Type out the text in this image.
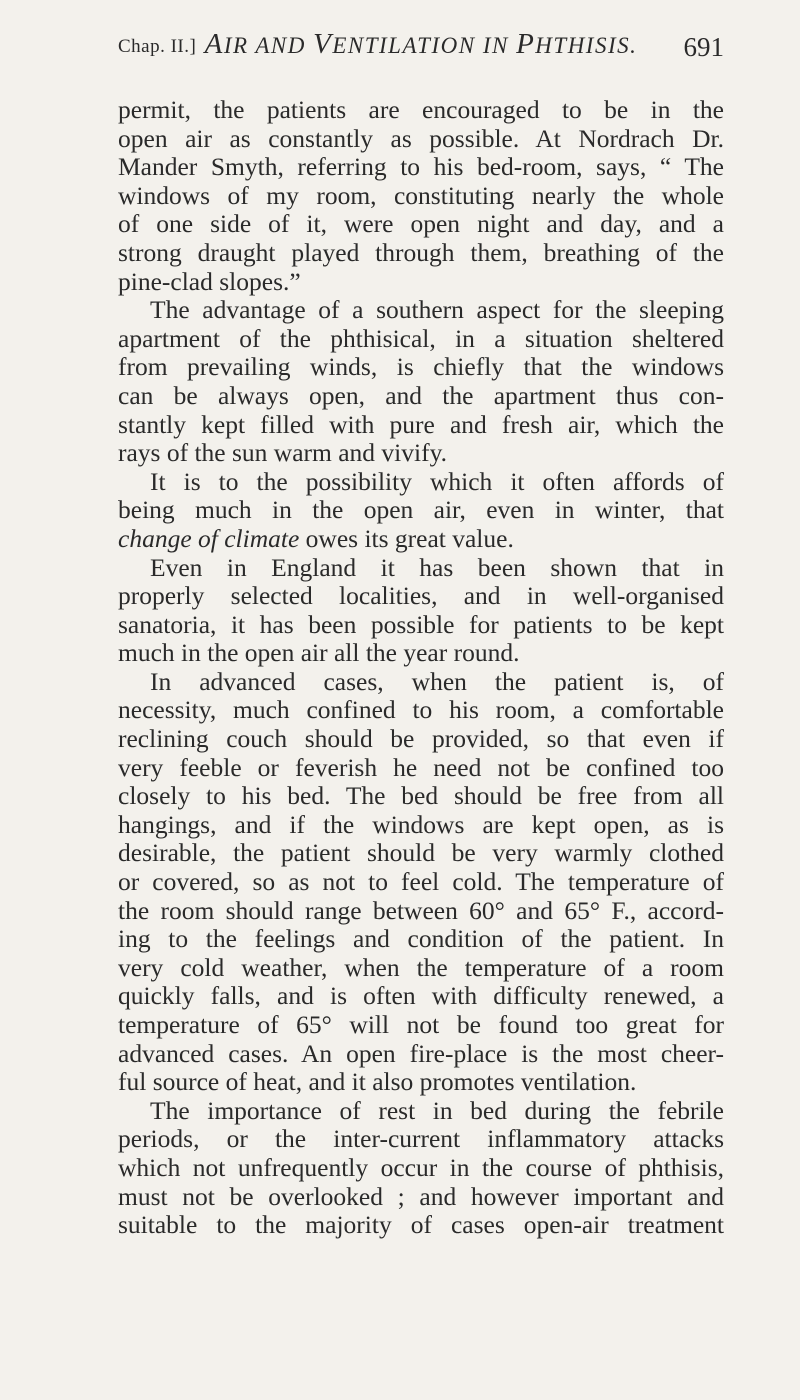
Chap. II.] AIR AND VENTILATION IN PHTHISIS.	691
permit, the patients are encouraged to be in the
open air as constantly as possible. At Nordrach Dr.
Mander Smyth, referring to his bed-room, says, “ The
windows of my room, constituting nearly the whole
of one side of it, were open night and day, and a
strong draught played through them, breathing of the
pine-clad slopes.”
The advantage of a southern aspect for the sleeping
apartment of the phthisical, in a situation sheltered
from prevailing winds, is chiefly that the windows
can be always open, and the apartment thus con-
stantly kept filled with pure and fresh air, which the
rays of the sun warm and vivify.
It is to the possibility which it often affords of
being much in the open air, even in winter, that
change of climate owes its great value.
Even in England it has been shown that in
properly selected localities, and in well-organised
sanatoria, it has been possible for patients to be kept
much in the open air all the year round.
In advanced cases, when the patient is, of
necessity, much confined to his room, a comfortable
reclining couch should be provided, so that even if
very feeble or feverish he need not be confined too
closely to his bed. The bed should be free from all
hangings, and if the windows are kept open, as is
desirable, the patient should be very warmly clothed
or covered, so as not to feel cold. The temperature of
the room should range between 60° and 65° F., accord-
ing to the feelings and condition of the patient. In
very cold weather, when the temperature of a room
quickly falls, and is often with difficulty renewed, a
temperature of 65° will not be found too great for
advanced cases. An open fire-place is the most cheer-
ful source of heat, and it also promotes ventilation.
The importance of rest in bed during the febrile
periods, or the inter-current inflammatory attacks
which not unfrequently occur in the course of phthisis,
must not be overlooked ; and however important and
suitable to the majority of cases open-air treatment
